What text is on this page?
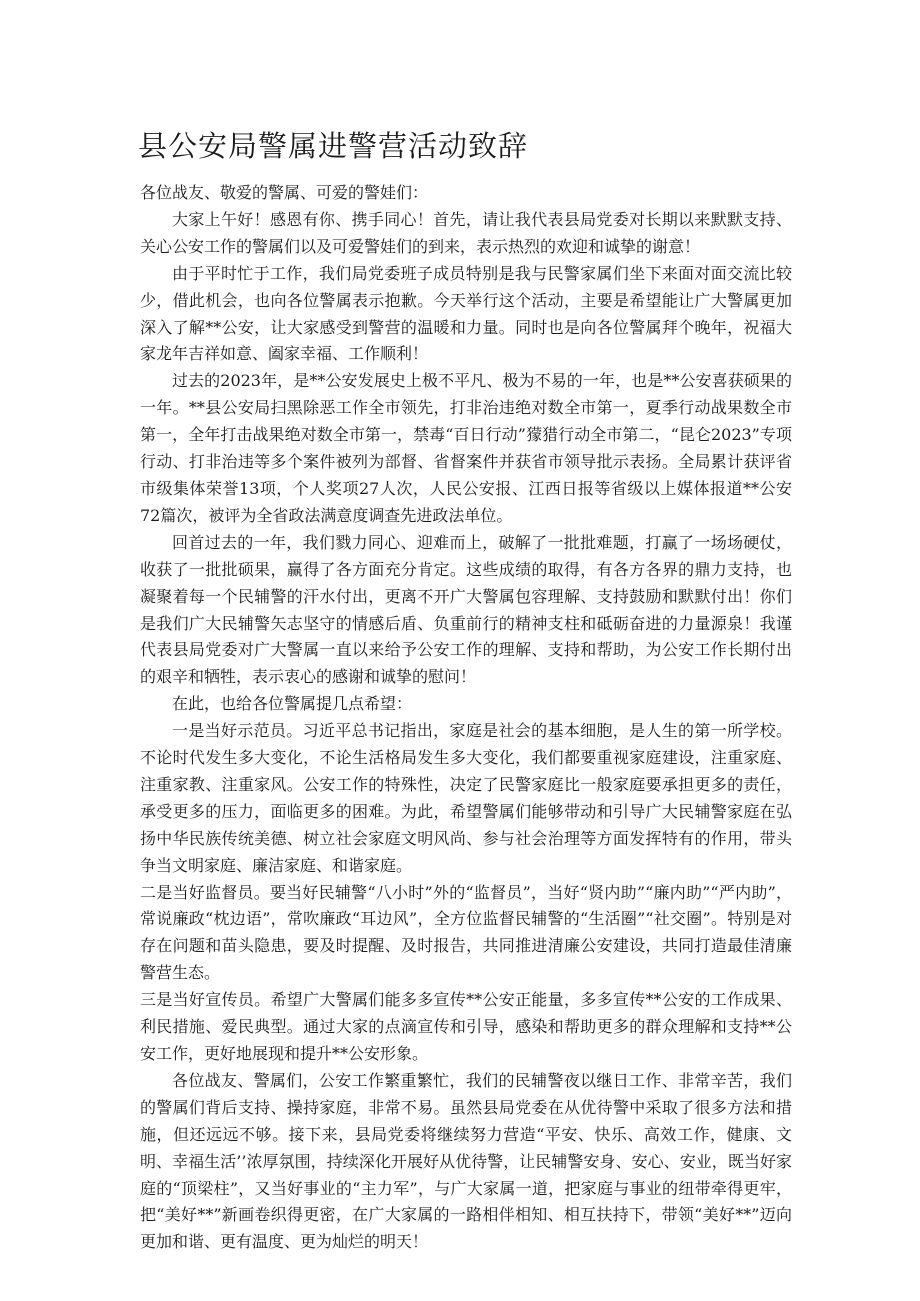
县公安局警属进警营活动致辞

各位战友、敬爱的警属、可爱的警娃们：

大家上午好！感恩有你、携手同心！首先，请让我代表县局党委对长期以来默默支持、关心公安工作的警属们以及可爱警娃们的到来，表示热烈的欢迎和诚挚的谢意！

由于平时忙于工作，我们局党委班子成员特别是我与民警家属们坐下来面对面交流比较少，借此机会，也向各位警属表示抱歉。今天举行这个活动，主要是希望能让广大警属更加深入了解**公安，让大家感受到警营的温暖和力量。同时也是向各位警属拜个晚年，祝福大家龙年吉祥如意、阖家幸福、工作顺利！

过去的2023年，是**公安发展史上极不平凡、极为不易的一年，也是**公安喜获硕果的一年。**县公安局扫黑除恶工作全市领先，打非治违绝对数全市第一，夏季行动战果数全市第一，全年打击战果绝对数全市第一，禁毒“百日行动”獴猎行动全市第二，“昆仑2023”专项行动、打非治违等多个案件被列为部督、省督案件并获省市领导批示表扬。全局累计获评省市级集体荣誉13项，个人奖项27人次，人民公安报、江西日报等省级以上媒体报道**公安72篇次，被评为全省政法满意度调查先进政法单位。

回首过去的一年，我们戮力同心、迎难而上，破解了一批批难题，打赢了一场场硬仗，收获了一批批硕果，赢得了各方面充分肯定。这些成绩的取得，有各方各界的鼎力支持，也凝聚着每一个民辅警的汗水付出，更离不开广大警属包容理解、支持鼓励和默默付出！你们是我们广大民辅警矢志坚守的情感后盾、负重前行的精神支柱和砥砺奋进的力量源泉！我谨代表县局党委对广大警属一直以来给予公安工作的理解、支持和帮助，为公安工作长期付出的艰辛和牺牲，表示衷心的感谢和诚挚的慰问！

在此，也给各位警属提几点希望：

一是当好示范员。习近平总书记指出，家庭是社会的基本细胞，是人生的第一所学校。不论时代发生多大变化，不论生活格局发生多大变化，我们都要重视家庭建设，注重家庭、注重家教、注重家风。公安工作的特殊性，决定了民警家庭比一般家庭要承担更多的责任，承受更多的压力，面临更多的困难。为此，希望警属们能够带动和引导广大民辅警家庭在弘扬中华民族传统美德、树立社会家庭文明风尚、参与社会治理等方面发挥特有的作用，带头争当文明家庭、廉洁家庭、和谐家庭。

二是当好监督员。要当好民辅警“八小时”外的“监督员”，当好“贤内助”“廉内助”“严内助”，常说廉政“枕边语”，常吹廉政“耳边风”，全方位监督民辅警的“生活圈”“社交圈”。特别是对存在问题和苗头隐患，要及时提醒、及时报告，共同推进清廉公安建设，共同打造最佳清廉警营生态。

三是当好宣传员。希望广大警属们能多多宣传**公安正能量，多多宣传**公安的工作成果、利民措施、爱民典型。通过大家的点滴宣传和引导，感染和帮助更多的群众理解和支持**公安工作，更好地展现和提升**公安形象。

各位战友、警属们，公安工作繁重繁忙，我们的民辅警夜以继日工作、非常辛苦，我们的警属们背后支持、操持家庭，非常不易。虽然县局党委在从优待警中采取了很多方法和措施，但还远远不够。接下来，县局党委将继续努力营造“平安、快乐、高效工作，健康、文明、幸福生活’’浓厚氛围，持续深化开展好从优待警，让民辅警安身、安心、安业，既当好家庭的“顶梁柱”，又当好事业的“主力军”，与广大家属一道，把家庭与事业的纽带牵得更牢，把“美好**”新画卷织得更密，在广大家属的一路相伴相知、相互扶持下，带领“美好**”迈向更加和谐、更有温度、更为灿烂的明天！
